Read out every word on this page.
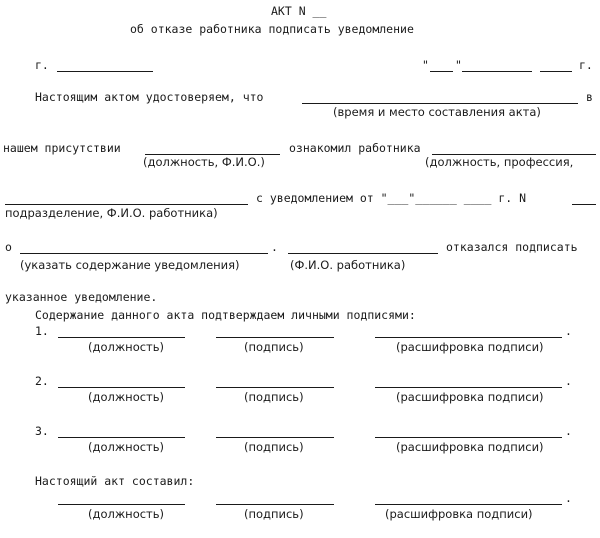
АКТ N __
об отказе работника подписать уведомление
г.	" "	г.
Настоящим актом удостоверяем, что	в
(время и место составления акта)
нашем присутствии	ознакомил работника
(должность, Ф.И.О.)	(должность, профессия,
с уведомлением от "___"______ ____ г. N
подразделение, Ф.И.О. работника)
о	.	отказался подписать
(указать содержание уведомления)	(Ф.И.О. работника)
указанное уведомление.
Содержание данного акта подтверждаем личными подписями:
1.	.
(должность)	(подпись)	(расшифровка подписи)
2.	.
(должность)	(подпись)	(расшифровка подписи)
3.	.
(должность)	(подпись)	(расшифровка подписи)
Настоящий акт составил:
.
(должность)	(подпись)	(расшифровка подписи)
